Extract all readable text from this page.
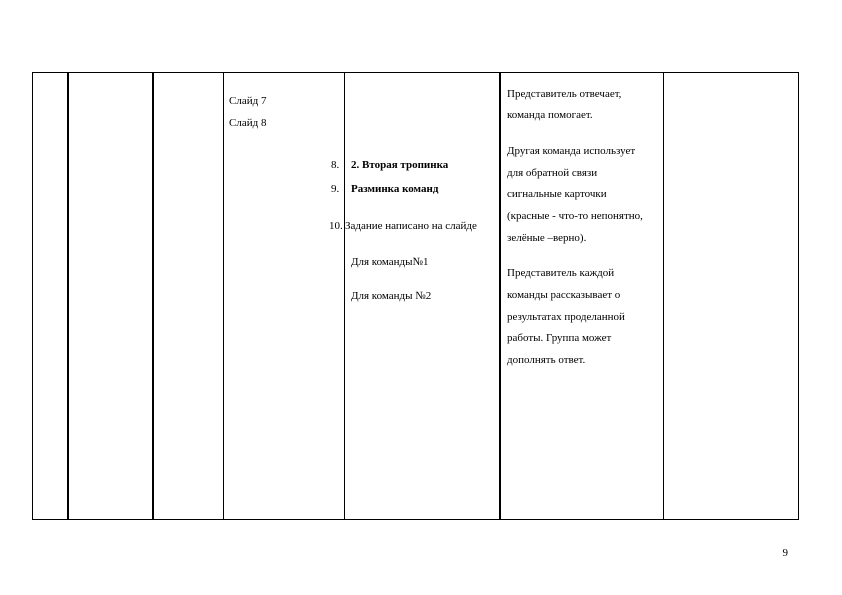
Слайд 7
Слайд 8
8. 2. Вторая тропинка
9. Разминка команд
10. Задание написано на слайде
Для команды№1
Для команды №2
Представитель отвечает,
команда помогает.
Другая команда использует
для обратной связи
сигнальные карточки
(красные - что-то непонятно,
зелёные –верно).
Представитель каждой
команды рассказывает о
результатах проделанной
работы. Группа может
дополнять ответ.
9
